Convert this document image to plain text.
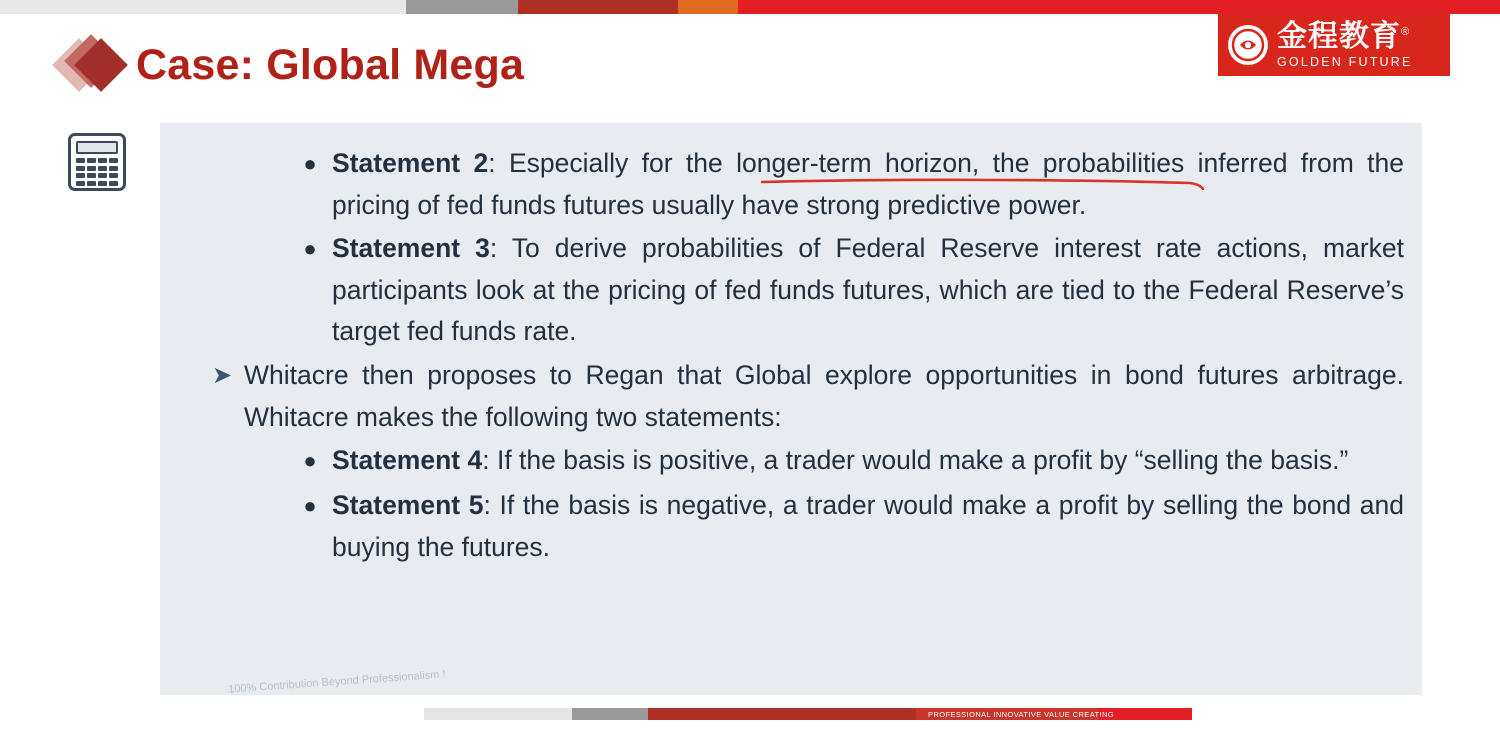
金程教育®
GOLDEN FUTURE
Case: Global Mega
● Statement 2: Especially for the longer-term horizon, the probabilities inferred from the pricing of fed funds futures usually have strong predictive power.
● Statement 3: To derive probabilities of Federal Reserve interest rate actions, market participants look at the pricing of fed funds futures, which are tied to the Federal Reserve’s target fed funds rate.
➤ Whitacre then proposes to Regan that Global explore opportunities in bond futures arbitrage. Whitacre makes the following two statements:
● Statement 4: If the basis is positive, a trader would make a profit by “selling the basis.”
● Statement 5: If the basis is negative, a trader would make a profit by selling the bond and buying the futures.
100% Contribution Beyond Professionalism !
PROFESSIONAL INNOVATIVE VALUE CREATING
